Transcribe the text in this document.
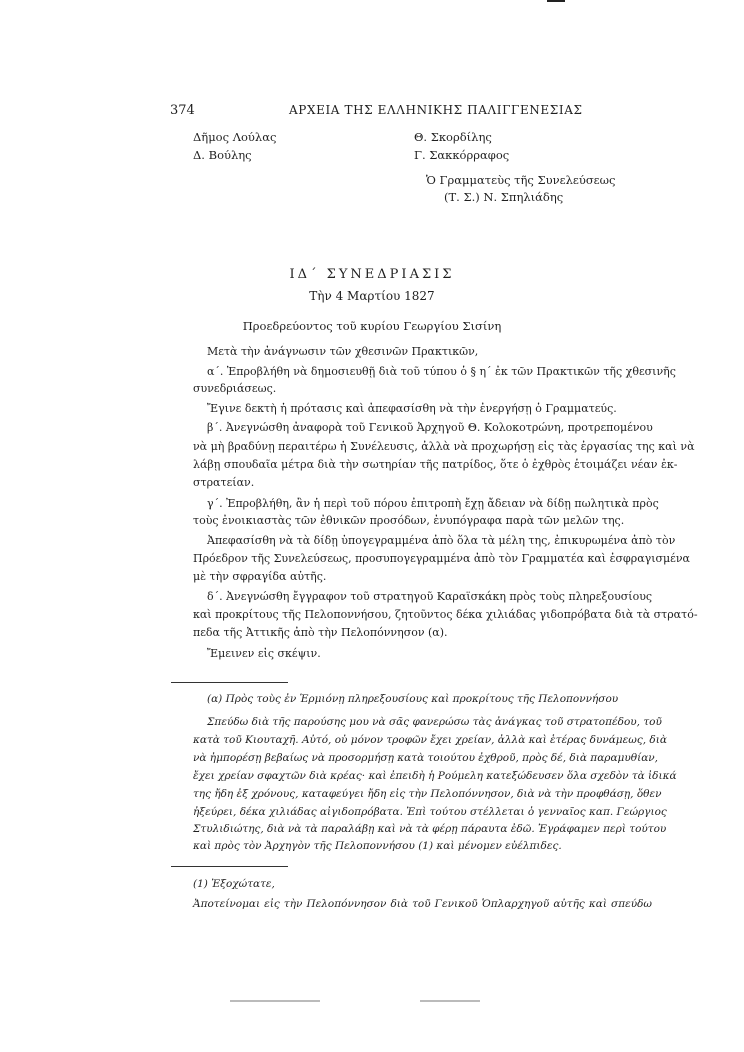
374	ΑΡΧΕΙΑ ΤΗΣ ΕΛΛΗΝΙΚΗΣ ΠΑΛΙΓΓΕΝΕΣΙΑΣ
Δῆμος Λούλας
Δ. Βούλης
Θ. Σκορδίλης
Γ. Σακκόρραφος
Ὁ Γραμματεὺς τῆς Συνελεύσεως
(Τ. Σ.) Ν. Σπηλιάδης
ΙΔ΄ ΣΥΝΕΔΡΙΑΣΙΣ
Τὴν 4 Μαρτίου 1827
Προεδρεύοντος τοῦ κυρίου Γεωργίου Σισίνη
Μετὰ τὴν ἀνάγνωσιν τῶν χθεσινῶν Πρακτικῶν,
α΄. Ἐπροβλήθη νὰ δημοσιευθῇ διὰ τοῦ τύπου ὁ § η΄ ἐκ τῶν Πρακτικῶν τῆς χθεσινῆς
συνεδριάσεως.
Ἔγινε δεκτὴ ἡ πρότασις καὶ ἀπεφασίσθη νὰ τὴν ἐνεργήσῃ ὁ Γραμματεύς.
β΄. Ἀνεγνώσθη ἀναφορὰ τοῦ Γενικοῦ Ἀρχηγοῦ Θ. Κολοκοτρώνη, προτρεπομένου
νὰ μὴ βραδύνῃ περαιτέρω ἡ Συνέλευσις, ἀλλὰ νὰ προχωρήσῃ εἰς τὰς ἐργασίας της καὶ νὰ
λάβῃ σπουδαῖα μέτρα διὰ τὴν σωτηρίαν τῆς πατρίδος, ὅτε ὁ ἐχθρὸς ἑτοιμάζει νέαν ἐκ-
στρατείαν.
γ΄. Ἐπροβλήθη, ἂν ἡ περὶ τοῦ πόρου ἐπιτροπὴ ἔχῃ ἄδειαν νὰ δίδῃ πωλητικὰ πρὸς
τοὺς ἐνοικιαστὰς τῶν ἐθνικῶν προσόδων, ἐνυπόγραφα παρὰ τῶν μελῶν της.
Ἀπεφασίσθη νὰ τὰ δίδῃ ὑπογεγραμμένα ἀπὸ ὅλα τὰ μέλη της, ἐπικυρωμένα ἀπὸ τὸν
Πρόεδρον τῆς Συνελεύσεως, προσυπογεγραμμένα ἀπὸ τὸν Γραμματέα καὶ ἐσφραγισμένα
μὲ τὴν σφραγίδα αὐτῆς.
δ΄. Ἀνεγνώσθη ἔγγραφον τοῦ στρατηγοῦ Καραϊσκάκη πρὸς τοὺς πληρεξουσίους
καὶ προκρίτους τῆς Πελοποννήσου, ζητοῦντος δέκα χιλιάδας γιδοπρόβατα διὰ τὰ στρατό-
πεδα τῆς Ἀττικῆς ἀπὸ τὴν Πελοπόννησον (α).
Ἔμεινεν εἰς σκέψιν.
(α) Πρὸς τοὺς ἐν Ἑρμιόνῃ πληρεξουσίους καὶ προκρίτους τῆς Πελοποννήσου
Σπεύδω διὰ τῆς παρούσης μου νὰ σᾶς φανερώσω τὰς ἀνάγκας τοῦ στρατοπέδου, τοῦ
κατὰ τοῦ Κιουταχῆ. Αὐτό, οὐ μόνον τροφῶν ἔχει χρείαν, ἀλλὰ καὶ ἑτέρας δυνάμεως, διὰ
νὰ ἠμπορέσῃ βεβαίως νὰ προσορμήσῃ κατὰ τοιούτου ἐχθροῦ, πρὸς δέ, διὰ παραμυθίαν,
ἔχει χρείαν σφαχτῶν διὰ κρέας· καὶ ἐπειδὴ ἡ Ρούμελη κατεξώδευσεν ὅλα σχεδὸν τὰ ἰδικά
της ἤδη ἐξ χρόνους, καταφεύγει ἤδη εἰς τὴν Πελοπόννησον, διὰ νὰ τὴν προφθάσῃ, ὅθεν
ἠξεύρει, δέκα χιλιάδας αἰγιδοπρόβατα. Ἐπὶ τούτου στέλλεται ὁ γενναῖος καπ. Γεώργιος
Στυλιδιώτης, διὰ νὰ τὰ παραλάβῃ καὶ νὰ τὰ φέρῃ πάραυτα ἐδῶ. Ἐγράφαμεν περὶ τούτου
καὶ πρὸς τὸν Ἀρχηγὸν τῆς Πελοποννήσου (1) καὶ μένομεν εὐέλπιδες.
(1) Ἐξοχώτατε,
Ἀποτείνομαι εἰς τὴν Πελοπόννησον διὰ τοῦ Γενικοῦ Ὁπλαρχηγοῦ αὐτῆς καὶ σπεύδω
